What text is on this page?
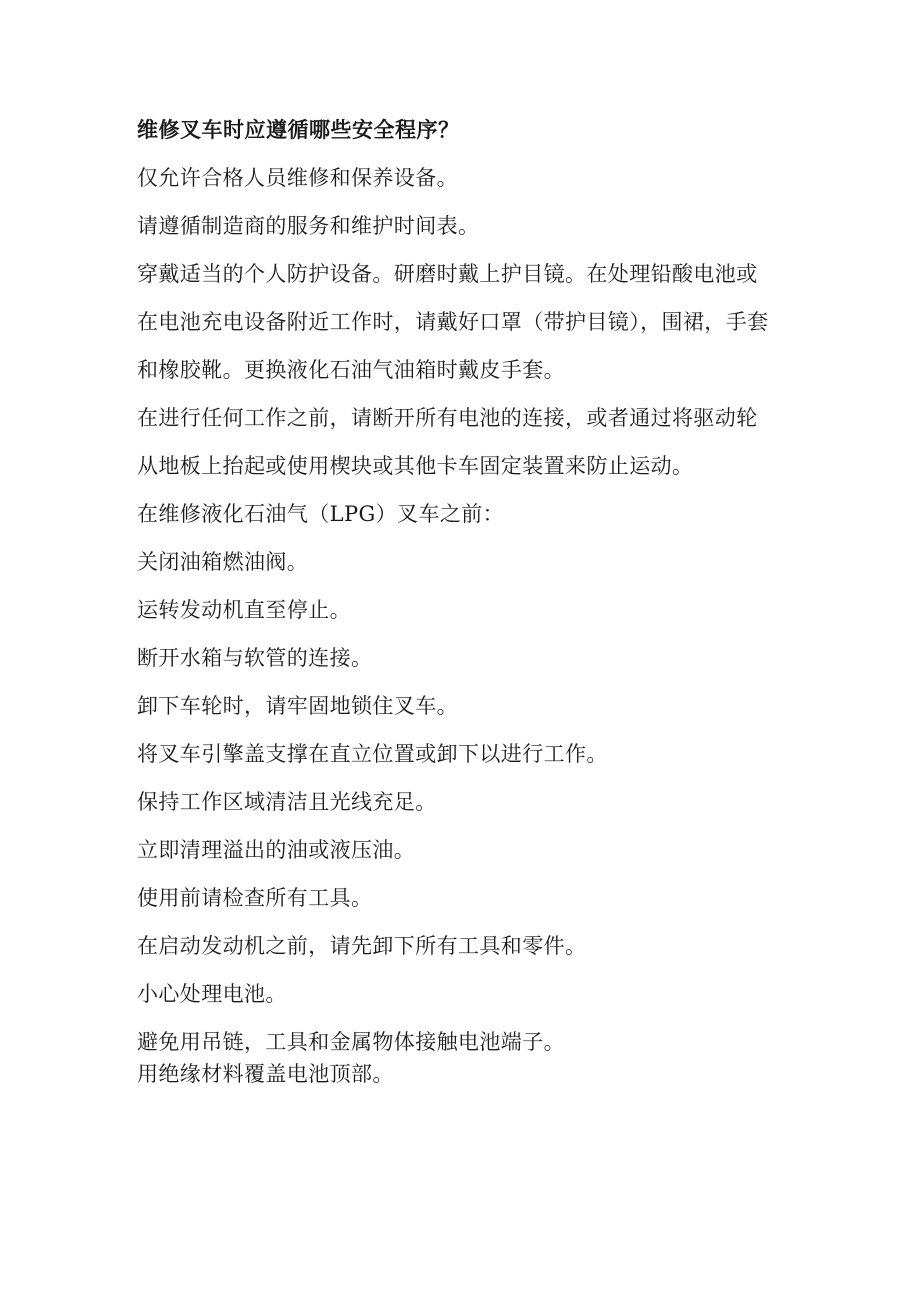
维修叉车时应遵循哪些安全程序？

仅允许合格人员维修和保养设备。

请遵循制造商的服务和维护时间表。

穿戴适当的个人防护设备。研磨时戴上护目镜。在处理铅酸电池或在电池充电设备附近工作时，请戴好口罩（带护目镜），围裙，手套和橡胶靴。更换液化石油气油箱时戴皮手套。

在进行任何工作之前，请断开所有电池的连接，或者通过将驱动轮从地板上抬起或使用楔块或其他卡车固定装置来防止运动。

在维修液化石油气（LPG）叉车之前：

关闭油箱燃油阀。

运转发动机直至停止。

断开水箱与软管的连接。

卸下车轮时，请牢固地锁住叉车。

将叉车引擎盖支撑在直立位置或卸下以进行工作。

保持工作区域清洁且光线充足。

立即清理溢出的油或液压油。

使用前请检查所有工具。

在启动发动机之前，请先卸下所有工具和零件。

小心处理电池。

避免用吊链，工具和金属物体接触电池端子。

用绝缘材料覆盖电池顶部。
